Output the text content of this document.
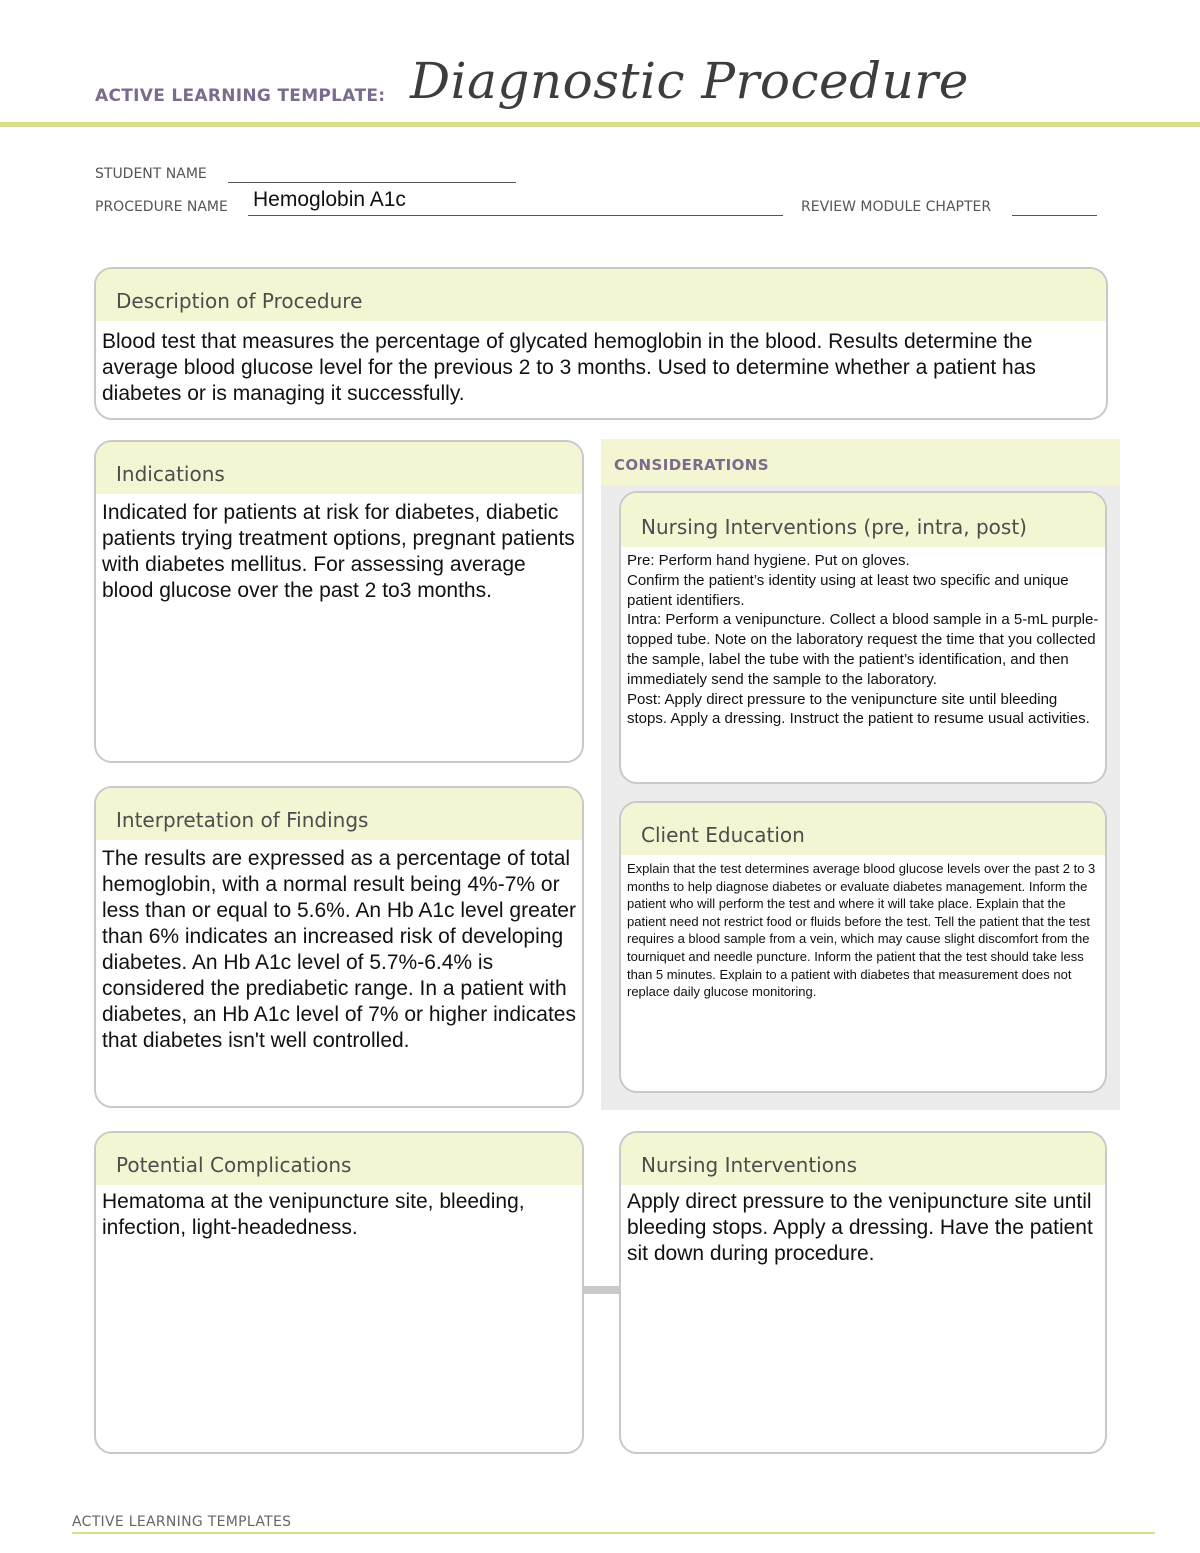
ACTIVE LEARNING TEMPLATE: Diagnostic Procedure
STUDENT NAME
PROCEDURE NAME Hemoglobin A1c	REVIEW MODULE CHAPTER
Description of Procedure
Blood test that measures the percentage of glycated hemoglobin in the blood. Results determine the average blood glucose level for the previous 2 to 3 months. Used to determine whether a patient has diabetes or is managing it successfully.
CONSIDERATIONS
Indications
Indicated for patients at risk for diabetes, diabetic patients trying treatment options, pregnant patients with diabetes mellitus. For assessing average blood glucose over the past 2 to3 months.
Nursing Interventions (pre, intra, post)
Pre: Perform hand hygiene. Put on gloves.
Confirm the patient’s identity using at least two specific and unique patient identifiers.
Intra: Perform a venipuncture. Collect a blood sample in a 5-mL purple-topped tube. Note on the laboratory request the time that you collected the sample, label the tube with the patient’s identification, and then immediately send the sample to the laboratory.
Post: Apply direct pressure to the venipuncture site until bleeding stops. Apply a dressing. Instruct the patient to resume usual activities.
Interpretation of Findings
The results are expressed as a percentage of total hemoglobin, with a normal result being 4%-7% or less than or equal to 5.6%. An Hb A1c level greater than 6% indicates an increased risk of developing diabetes. An Hb A1c level of 5.7%-6.4% is considered the prediabetic range. In a patient with diabetes, an Hb A1c level of 7% or higher indicates that diabetes isn't well controlled.
Client Education
Explain that the test determines average blood glucose levels over the past 2 to 3 months to help diagnose diabetes or evaluate diabetes management. Inform the patient who will perform the test and where it will take place. Explain that the patient need not restrict food or fluids before the test. Tell the patient that the test requires a blood sample from a vein, which may cause slight discomfort from the tourniquet and needle puncture. Inform the patient that the test should take less than 5 minutes. Explain to a patient with diabetes that measurement does not replace daily glucose monitoring.
Potential Complications
Hematoma at the venipuncture site, bleeding, infection, light-headedness.
Nursing Interventions
Apply direct pressure to the venipuncture site until bleeding stops. Apply a dressing. Have the patient sit down during procedure.
ACTIVE LEARNING TEMPLATES
